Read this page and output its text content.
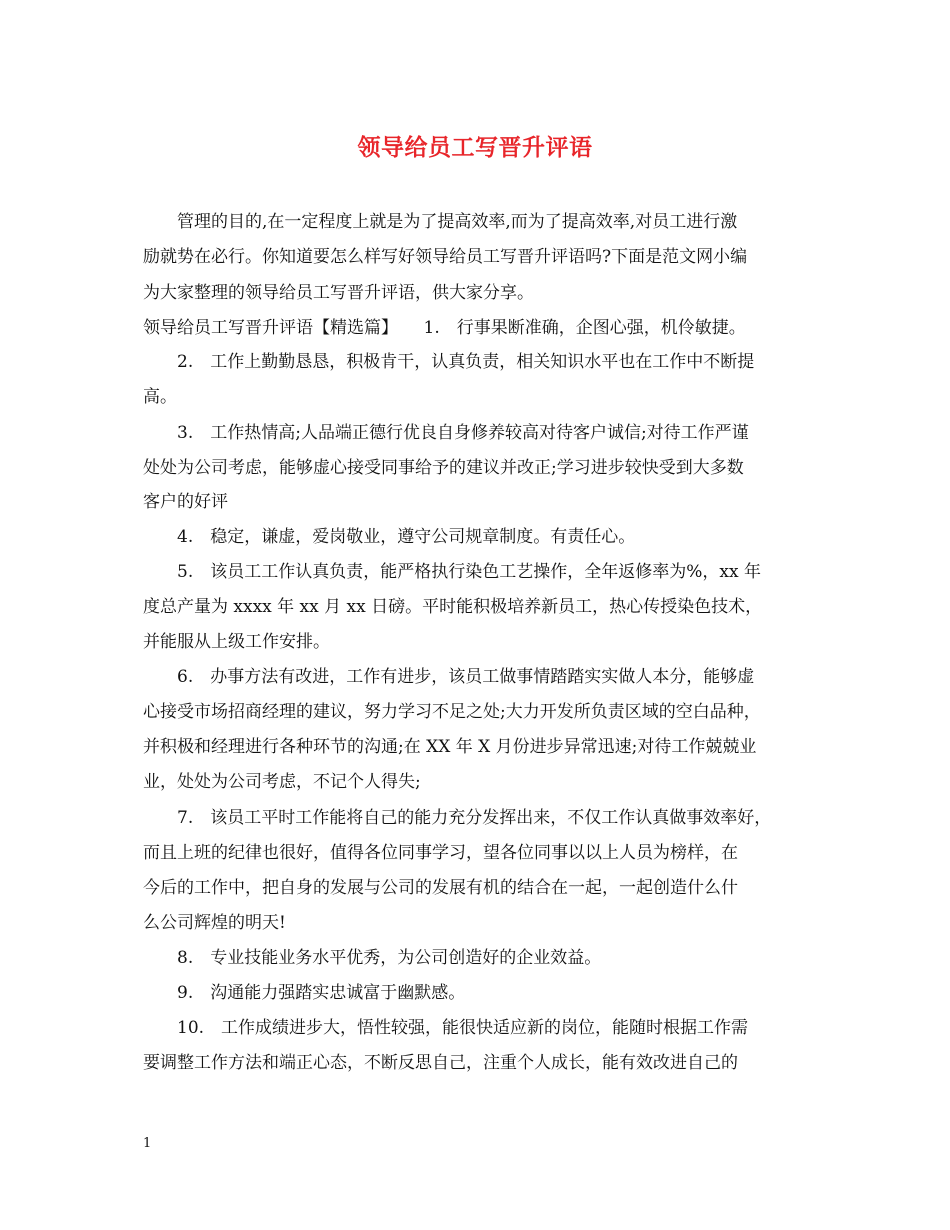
领导给员工写晋升评语
管理的目的,在一定程度上就是为了提高效率,而为了提高效率,对员工进行激
励就势在必行。你知道要怎么样写好领导给员工写晋升评语吗?下面是范文网小编
为大家整理的领导给员工写晋升评语，供大家分享。
领导给员工写晋升评语【精选篇】　　1.　行事果断准确，企图心强，机伶敏捷。
2.　工作上勤勤恳恳，积极肯干，认真负责，相关知识水平也在工作中不断提
高。
3.　工作热情高;人品端正德行优良自身修养较高对待客户诚信;对待工作严谨
处处为公司考虑，能够虚心接受同事给予的建议并改正;学习进步较快受到大多数
客户的好评
4.　稳定，谦虚，爱岗敬业，遵守公司规章制度。有责任心。
5.　该员工工作认真负责，能严格执行染色工艺操作，全年返修率为%，xx 年
度总产量为 xxxx 年 xx 月 xx 日磅。平时能积极培养新员工，热心传授染色技术，
并能服从上级工作安排。
6.　办事方法有改进，工作有进步，该员工做事情踏踏实实做人本分，能够虚
心接受市场招商经理的建议，努力学习不足之处;大力开发所负责区域的空白品种，
并积极和经理进行各种环节的沟通;在 XX 年 X 月份进步异常迅速;对待工作兢兢业
业，处处为公司考虑，不记个人得失;
7.　该员工平时工作能将自己的能力充分发挥出来，不仅工作认真做事效率好，
而且上班的纪律也很好，值得各位同事学习，望各位同事以以上人员为榜样，在
今后的工作中，把自身的发展与公司的发展有机的结合在一起，一起创造什么什
么公司辉煌的明天!
8.　专业技能业务水平优秀，为公司创造好的企业效益。
9.　沟通能力强踏实忠诚富于幽默感。
10.　工作成绩进步大，悟性较强，能很快适应新的岗位，能随时根据工作需
要调整工作方法和端正心态，不断反思自己，注重个人成长，能有效改进自己的
1
